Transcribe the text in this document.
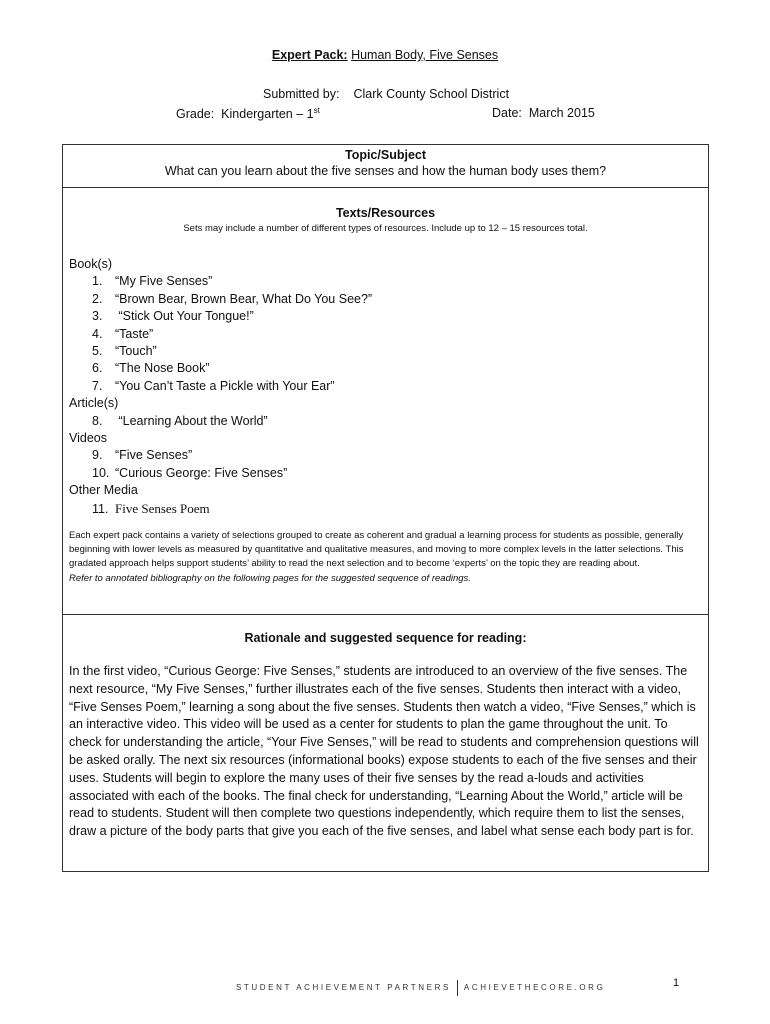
Expert Pack: Human Body, Five Senses
Submitted by: Clark County School District
Grade: Kindergarten – 1st	Date: March 2015
Topic/Subject
What can you learn about the five senses and how the human body uses them?
Texts/Resources
Sets may include a number of different types of resources. Include up to 12 – 15 resources total.
Book(s)
1. “My Five Senses”
2. “Brown Bear, Brown Bear, What Do You See?”
3. “Stick Out Your Tongue!”
4. “Taste”
5. “Touch”
6. “The Nose Book”
7. “You Can’t Taste a Pickle with Your Ear”
Article(s)
8. “Learning About the World”
Videos
9. “Five Senses”
10. “Curious George: Five Senses”
Other Media
11. Five Senses Poem
Each expert pack contains a variety of selections grouped to create as coherent and gradual a learning process for students as possible, generally beginning with lower levels as measured by quantitative and qualitative measures, and moving to more complex levels in the latter selections. This gradated approach helps support students’ ability to read the next selection and to become ‘experts’ on the topic they are reading about.
Refer to annotated bibliography on the following pages for the suggested sequence of readings.
Rationale and suggested sequence for reading:
In the first video, “Curious George: Five Senses,” students are introduced to an overview of the five senses. The next resource, “My Five Senses,” further illustrates each of the five senses. Students then interact with a video, “Five Senses Poem,” learning a song about the five senses. Students then watch a video, “Five Senses,” which is an interactive video. This video will be used as a center for students to plan the game throughout the unit. To check for understanding the article, “Your Five Senses,” will be read to students and comprehension questions will be asked orally. The next six resources (informational books) expose students to each of the five senses and their uses. Students will begin to explore the many uses of their five senses by the read a-louds and activities associated with each of the books. The final check for understanding, “Learning About the World,” article will be read to students. Student will then complete two questions independently, which require them to list the senses, draw a picture of the body parts that give you each of the five senses, and label what sense each body part is for.
STUDENT ACHIEVEMENT PARTNERS ACHIEVETHECORE.ORG	1
